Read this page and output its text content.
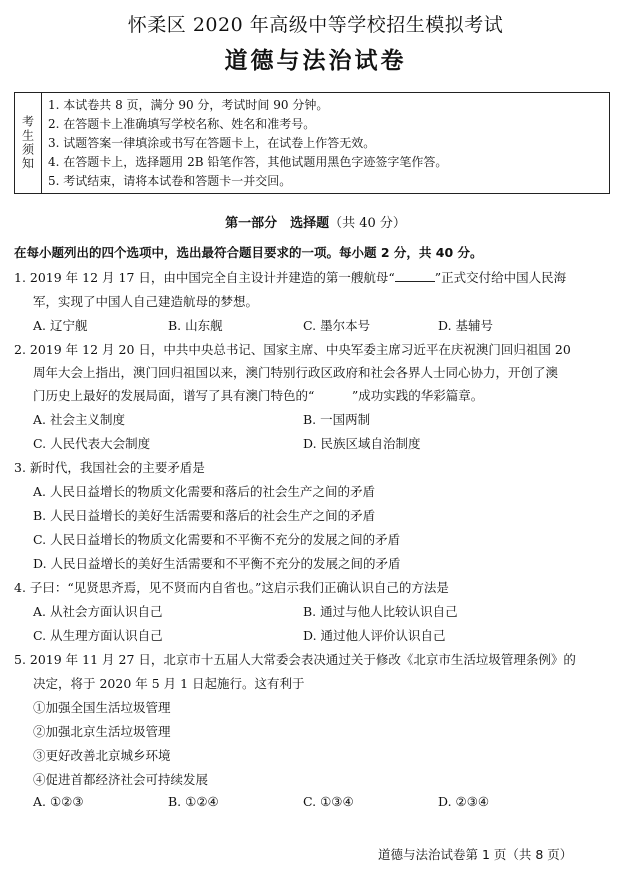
怀柔区 2020 年高级中等学校招生模拟考试
道德与法治试卷
考生须知
1. 本试卷共 8 页，满分 90 分，考试时间 90 分钟。
2. 在答题卡上准确填写学校名称、姓名和准考号。
3. 试题答案一律填涂或书写在答题卡上，在试卷上作答无效。
4. 在答题卡上，选择题用 2B 铅笔作答，其他试题用黑色字迹签字笔作答。
5. 考试结束，请将本试卷和答题卡一并交回。
第一部分　选择题（共 40 分）
在每小题列出的四个选项中，选出最符合题目要求的一项。每小题 2 分，共 40 分。
1. 2019 年 12 月 17 日，由中国完全自主设计并建造的第一艘航母“	”正式交付给中国人民海
军，实现了中国人自己建造航母的梦想。
A. 辽宁舰	B. 山东舰	C. 墨尔本号	D. 基辅号
2. 2019 年 12 月 20 日，中共中央总书记、国家主席、中央军委主席习近平在庆祝澳门回归祖国 20
周年大会上指出，澳门回归祖国以来，澳门特别行政区政府和社会各界人士同心协力，开创了澳
门历史上最好的发展局面，谱写了具有澳门特色的“　　　”成功实践的华彩篇章。
A. 社会主义制度	B. 一国两制
C. 人民代表大会制度	D. 民族区域自治制度
3. 新时代，我国社会的主要矛盾是
A. 人民日益增长的物质文化需要和落后的社会生产之间的矛盾
B. 人民日益增长的美好生活需要和落后的社会生产之间的矛盾
C. 人民日益增长的物质文化需要和不平衡不充分的发展之间的矛盾
D. 人民日益增长的美好生活需要和不平衡不充分的发展之间的矛盾
4. 子曰：“见贤思齐焉，见不贤而内自省也。”这启示我们正确认识自己的方法是
A. 从社会方面认识自己	B. 通过与他人比较认识自己
C. 从生理方面认识自己	D. 通过他人评价认识自己
5. 2019 年 11 月 27 日，北京市十五届人大常委会表决通过关于修改《北京市生活垃圾管理条例》的
决定，将于 2020 年 5 月 1 日起施行。这有利于
①加强全国生活垃圾管理
②加强北京生活垃圾管理
③更好改善北京城乡环境
④促进首都经济社会可持续发展
A. ①②③	B. ①②④	C. ①③④	D. ②③④
道德与法治试卷第 1 页（共 8 页）
